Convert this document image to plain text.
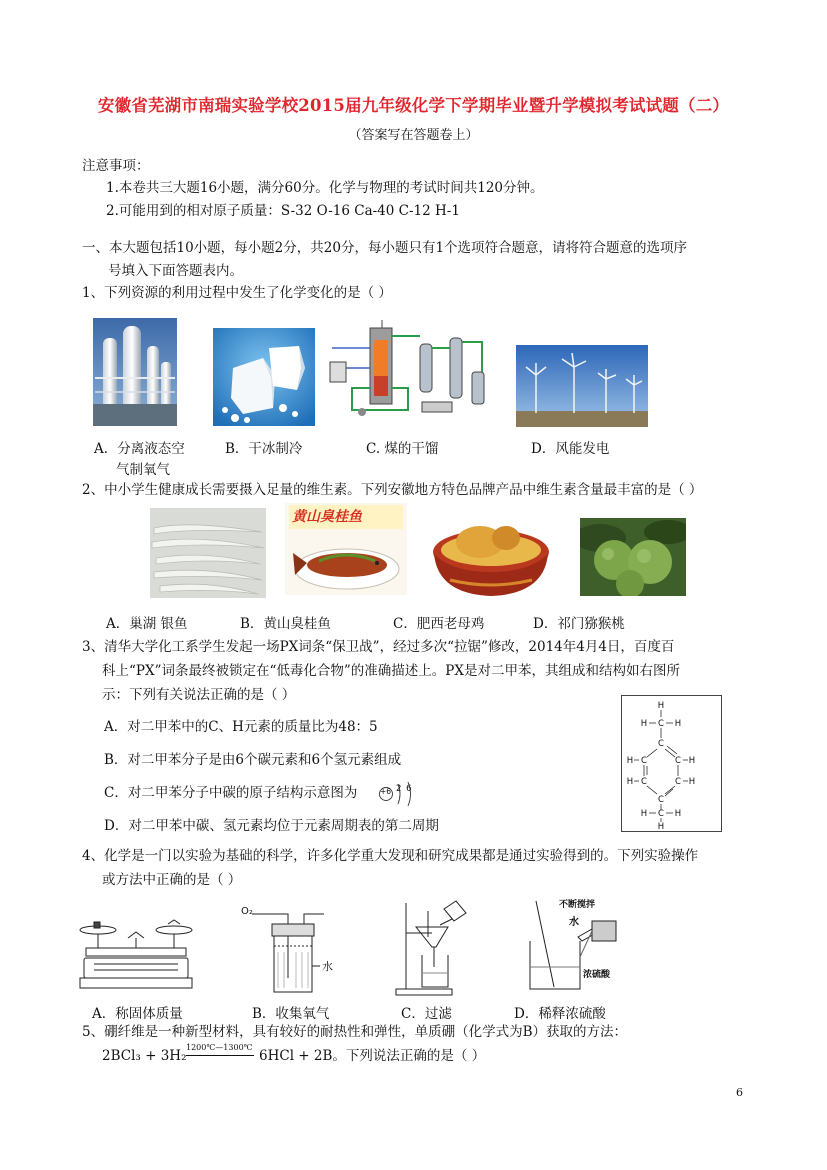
安徽省芜湖市南瑞实验学校2015届九年级化学下学期毕业暨升学模拟考试试题（二）
（答案写在答题卷上）
注意事项：
1.本卷共三大题16小题，满分60分。化学与物理的考试时间共120分钟。
2.可能用到的相对原子质量：S-32 O-16 Ca-40 C-12 H-1
一、本大题包括10小题，每小题2分，共20分，每小题只有1个选项符合题意，请将符合题意的选项序
号填入下面答题表内。
1、下列资源的利用过程中发生了化学变化的是（ ）
A．分离液态空
气制氧气
B．干冰制冷	C. 煤的干馏	D．风能发电
2、中小学生健康成长需要摄入足量的维生素。下列安徽地方特色品牌产品中维生素含量最丰富的是（ ）
黄山臭桂鱼
A．巢湖 银鱼	B．黄山臭桂鱼	C．肥西老母鸡	D．祁门猕猴桃
3、清华大学化工系学生发起一场PX词条“保卫战”，经过多次“拉锯”修改，2014年4月4日，百度百
科上“PX”词条最终被锁定在“低毒化合物”的准确描述上。PX是对二甲苯，其组成和结构如右图所
示：下列有关说法正确的是（ ）
A．对二甲苯中的C、H元素的质量比为48：5
B．对二甲苯分子是由6个碳元素和6个氢元素组成
C．对二甲苯分子中碳的原子结构示意图为	+6 2 6
D．对二甲苯中碳、氢元素均位于元素周期表的第二周期
H
H C H
C
C	C
H	H
C	C
H	H
C
H C H
H
4、化学是一门以实验为基础的科学，许多化学重大发现和研究成果都是通过实验得到的。下列实验操作
或方法中正确的是（ ）
O₂
水
不断搅拌
水
浓硫酸
A．称固体质量	B．收集氧气	C．过滤	D．稀释浓硫酸
5、硼纤维是一种新型材料，具有较好的耐热性和弹性，单质硼（化学式为B）获取的方法：
2BCl₃ + 3H₂
1200℃—1300℃
6HCl + 2B。下列说法正确的是（ ）
6
